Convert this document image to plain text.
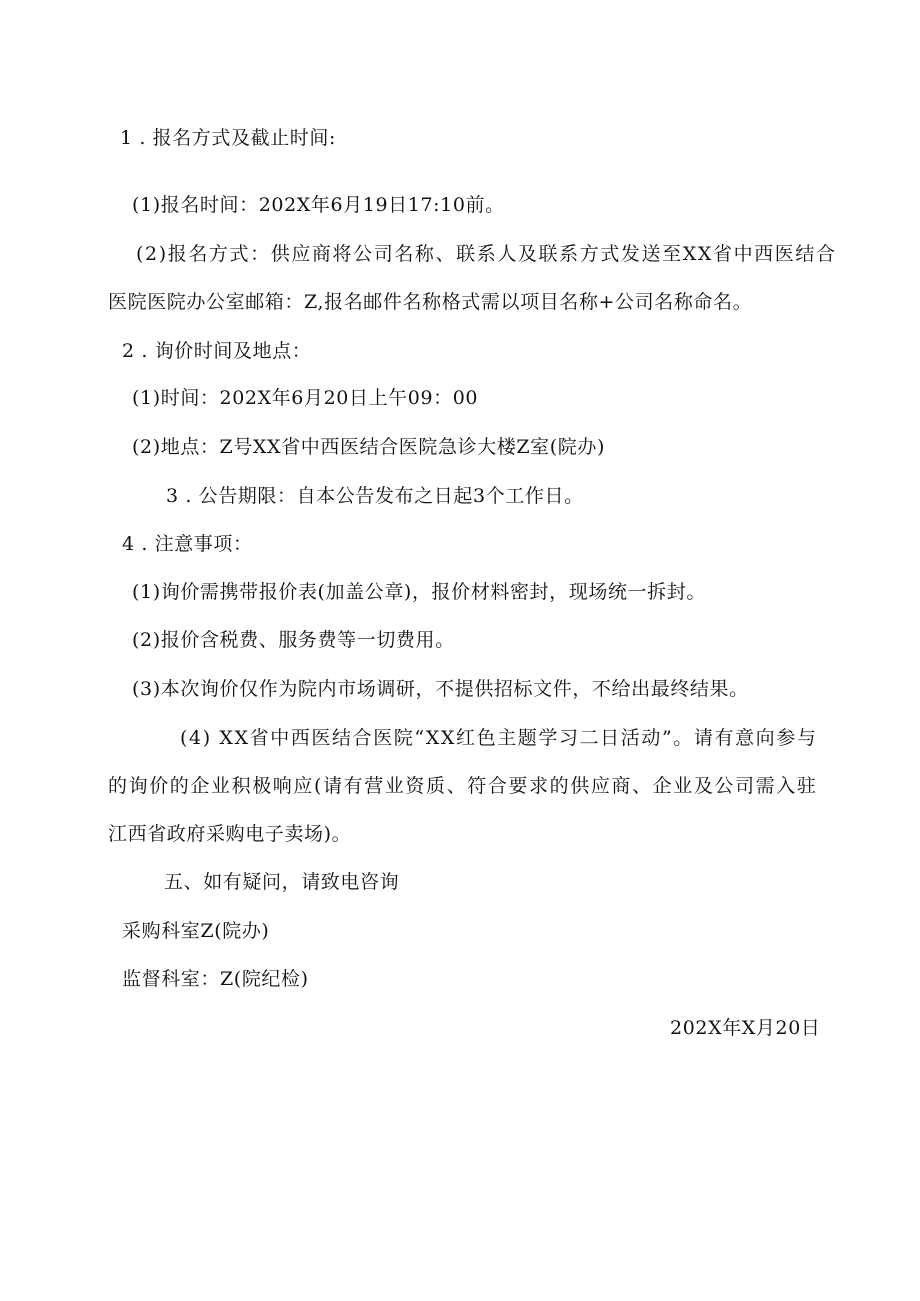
1 . 报名方式及截止时间:
(1)报名时间：202X年6月19日17:10前。
(2)报名方式：供应商将公司名称、联系人及联系方式发送至XX省中西医结合
医院医院办公室邮箱：Z,报名邮件名称格式需以项目名称+公司名称命名。
2 . 询价时间及地点：
(1)时间：202X年6月20日上午09：00
(2)地点：Z号XX省中西医结合医院急诊大楼Z室(院办)
3 . 公告期限：自本公告发布之日起3个工作日。
4 . 注意事项：
(1)询价需携带报价表(加盖公章)，报价材料密封，现场统一拆封。
(2)报价含税费、服务费等一切费用。
(3)本次询价仅作为院内市场调研，不提供招标文件，不给出最终结果。
(4) XX省中西医结合医院“XX红色主题学习二日活动”。请有意向参与
的询价的企业积极响应(请有营业资质、符合要求的供应商、企业及公司需入驻
江西省政府采购电子卖场)。
五、如有疑问，请致电咨询
采购科室Z(院办)
监督科室：Z(院纪检)
202X年X月20日
